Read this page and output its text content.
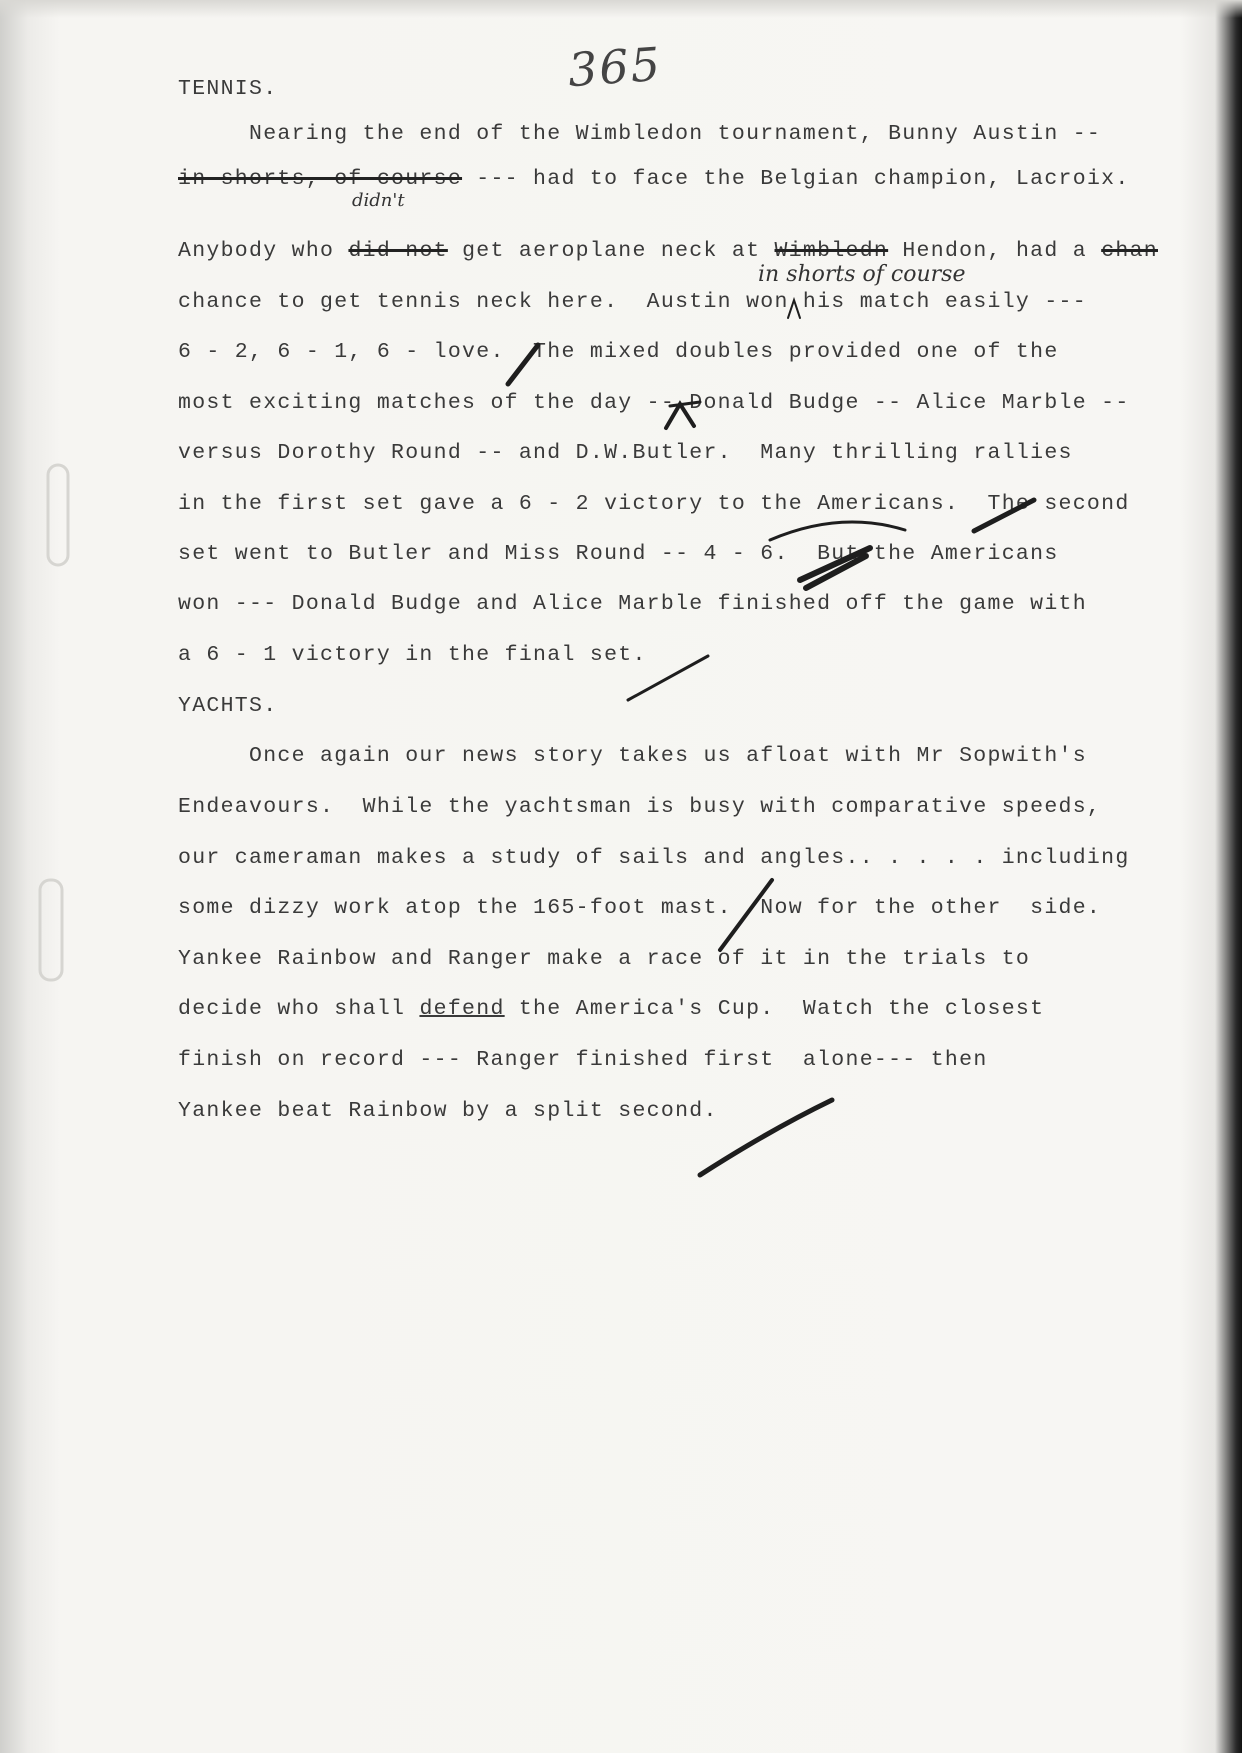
365
TENNIS.
Nearing the end of the Wimbledon tournament, Bunny Austin --
in shorts, of course --- had to face the Belgian champion, Lacroix.
didn't
Anybody who did not get aeroplane neck at Wimbledn Hendon, had a chan
in shorts of course
chance to get tennis neck here.  Austin won his match easily ---
6 - 2, 6 - 1, 6 - love.  The mixed doubles provided one of the
most exciting matches of the day -- Donald Budge -- Alice Marble --
versus Dorothy Round -- and D.W.Butler.  Many thrilling rallies
in the first set gave a 6 - 2 victory to the Americans.  The second
set went to Butler and Miss Round -- 4 - 6.  But the Americans
won --- Donald Budge and Alice Marble finished off the game with
a 6 - 1 victory in the final set.
YACHTS.
Once again our news story takes us afloat with Mr Sopwith's
Endeavours.  While the yachtsman is busy with comparative speeds,
our cameraman makes a study of sails and angles.. . . . . including
some dizzy work atop the 165-foot mast.  Now for the other  side.
Yankee Rainbow and Ranger make a race of it in the trials to
decide who shall defend the America's Cup.  Watch the closest
finish on record --- Ranger finished first  alone--- then
Yankee beat Rainbow by a split second.
